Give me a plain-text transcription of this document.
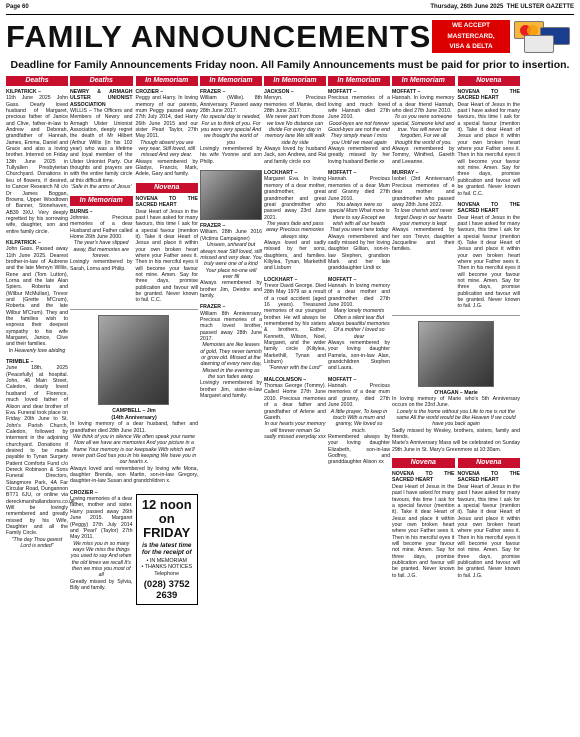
Page 60	Thursday, 26th June 2025 THE ULSTER GAZETTE
FAMILY ANNOUNCEMENTS	WE ACCEPT
MASTERCARD,
VISA & DELTA
Deadline for Family Announcements Friday noon. All Family Announcements must be paid for prior to insertion.
Deaths
KILPATRICK –
11th June 2025 John Gass. Dearly loved husband of Margaret, precious father of Janice and Clive, father-in-law to Andrew and Deborah, grandfather of Hannah, James, Emma, Daniel and Grace and also a loving brother. Interred on Friday 13th June 2025 in Tullyallen Presbyterian Churchyard. Donations in lieu of flowers, if desired, to Cancer Research NI c/o Dr James Boggan, Browns, Upper Woodtown of Banner, Stonehaven, AB39 3XU. Very deeply regretted by his sorrowing wife, daughter, son and entire family circle.
KILPATRICK –
John Gass. Passed away 11th June 2025. Dearest brother-in-law of Aubrene and the late Mervyn Willis, Rene and (Tom Lutton), Lorna and the late Alan Spiers. Roberta and (Wilbur McMullan), Trevor and (Grette M'Crum), Roberta and the late Wilbur M'Crum). They and the families wish to express their deepest sympathy to his wife Margaret, Janice, Clive and their families.
In Heavenly love abiding
TRIMBLE –
June 18th, 2025 (Peacefully) at hospital. John, 46 Main Street, Caledon, dearly loved husband of Florence, much loved father of Alison and dear brother of Eva. Funeral took place on Friday 20th June to St. John's Parish Church, Caledon, followed by interment in the adjoining churchyard. Donations if desired to be made payable to Tynan Surgery Patient Comforts Fund c/o Dereck Robinson & Sons Funeral Directors, Stangmore Park, 4A Far Circular Road, Dungannon BT71 6JU, or online via dereckmarshallandsons.co.uk. Will be lovingly remembered and greatly missed by his Wife, Daughter and all the Family Circle.
"The day Thou gavest Lord is ended"
Deaths
NEWRY & ARMAGH ULSTER UNIONIST ASSOCIATION
WILLIS – The Officers and Members of Newry and Armagh Ulster Unionist Association, deeply regret the death of Mr Hilbert (Arthur Willis (in his 102 year) who was a lifetime and loyal member of the Ulster Unionist Party. Our thoughts and prayers are with the entire family circle at this difficult time.
'Safe in the arms of Jesus'
In Memoriam
BURNS –
Johnnie. Precious memories of a dear Husband and Father called Home 26th June 2000.
The year's have slipped away, But memories are forever.
Lovingly remembered by Sarah, Lorna and Philip.
In Memoriam
CROZIER –
Peggy and Harry. In loving memory of our parents, mum Peggy passed away 27th July 2014, dad Harry 26th June 2015 and our sister Pearl Taylor, 27th May 2011.
Though absent you are very near, Still loved, still missed And very dear.
Always remembered by Gladys, Francis, Mark, Adele, Gary and family.
Novena
NOVENA TO THE SACRED HEART
Dear Heart of Jesus in the past I have asked for many favours, this time I ask for a special favour (mention it). Take it dear Heart of Jesus and place it within your own broken heart where your Father sees it. Then in his merciful eyes it will become your favour not mine. Amen. Say for three days, promise publication and favour will be granted. Never known to fail. C.C.
CAMPBELL – Jim
(14th Anniversary)
In loving memory of a dear husband, father and grandfather died 28th June 2011.
We think of you in silence We often speak your name Now all we have are memories And your picture in a frame Your memory is our keepsake With which we'll never part God has you in his keeping We have you in our hearts x.
Always loved and remembered by loving wife Mona, daughter Brenda, son Martin, son-in-law Gregory, daughter-in-law Susan and grandchildren x.
CROZIER –
Loving memories of a dear father, mother and sister. Harry passed away 26th June 2015. Margaret (Peggy) 27th July 2014 and 'Pearl' (Taylor) 27th May 2011.
We miss you in so many ways We miss the things you used to say And when the old times we recall It's then we miss you most of all
Greatly missed by Sylvia, Billy and family.
12 noon on
FRIDAY
is the latest time for the receipt of
• IN MEMORIAM
• THANKS NOTICES
Telephone
(028) 3752 2639
In Memoriam
FRAZER –
William (Willie). 8th Anniversary. Passed away 28th June 2017.
No special day is needed, For us to think of you. For you were very special And we thought the world of you
Lovingly remembered by his wife Yvonne and son Philip.
FRAZER –
William. 28th June 2016 (Victims Campaigner)
Unseen, unheard but always near Still loved, still missed and very dear. You truly were one of a kind Your place no-one will ever fill
Always remembered by brother Jim, Deirdre and family.
FRAZER –
William 8th Anniversary. Precious memories of a much loved brother, passed away 28th June 2017.
Memories are like leaves of gold, They never tarnish or grow old. Missed at the dawning of every new day, Missed in the evening as the sun fades away.
Lovingly remembered by brother Jim, sister-in-law Margaret and family.
In Memoriam
JACKSON –
Mervyn. Precious memories of Mamie, died 28th June 2017.
We never part from those we love No distance can divide For every day in memory lane We still walk side by side
Always loved by husband Jack, son Andrew, and Rai and family circle xxx
LOCKHART –
Margaret Eva. In loving memory of a dear mother, grandmother, great grandmother and great great grandmother who passed away 23rd June 2021.
The years fade and pass away Precious memories always stay.
Always loved and sadly missed by her sons, daughters, and families. Kiliylea, Tynan, Markethill and Lisburn
LOCKHART –
Trevor David George. Died 28th May 1979 as a result of a road accident (aged 16 years). Treasured memories of our youngest brother. He will always be remembered by his sisters & brothers. Esther, Kenneth, Wilson, Noel, Margaret, and the wider family circle (Kiliylea, Markethill, Tynan and Lisburn)
"Forever with the Lord"
MALCOLMSON –
Thomas George (Tommy). Called Home 27th June 2010. Precious memories of a dear father and grandfather of Arlene and Gareth.
In our hearts your memory will forever remain So sadly missed everyday xxx
In Memoriam
MOFFATT –
Precious memories of a loving and much loved wife Hannah died 27th June 2010.
Good-byes are not forever Good-byes are not the end They simply mean I miss you Until we meet again
Always remembered and greatly missed by her loving husband Bertie xx
MOFFATT –
Hannah. Precious memories of a dear Mum and Granny died 27th June 2010.
You always were so special Mum What more is there to say Except we wish with all our hearts That you were here today
Always remembered and sadly missed by her loving daughter Gillian, son-in-law Stephen, grandson Mark and her late granddaughter Lindi xx
MOFFATT –
Hannah. In loving memory of a dear mother and grandmother died 27th June 2010.
Many lonely moments Often a silent tear But always beautiful memories Of a mother I loved so dear
Always remembered by your loving daughter Pamela, son-in-law Alan, grandchildren Stephen and Laura.
MOFFATT –
Hannah. Precious memories of a dear mum and granny, died 27th June 2010.
A little prayer, To keep in touch With a mum and granny, We loved so much.
Remembered always by your loving daughter Elizabeth, son-in-law Godfrey, and granddaughter Alison xx
In Memoriam
MOFFATT –
Hannah. In loving memory of a dear friend Hannah, who died 27th June 2010.
To us you were someone special, Someone kind and true. You will never be forgotten, For we all thought the world of you.
Always remembered by Tommy, Winifred, Gareth and Leeanne.
MURRAY –
Isobel (3rd Anniversary) Precious memories of a dear mother and grandmother who passed away 28th June 2022.
To love cherish and never forget Deep in our hearts your memory is kept
Always remembered by her son Trevor, daughter Jacqueline and their families.
Novena
NOVENA TO THE SACRED HEART
Dear Heart of Jesus in the past I have asked for many favours, this time I ask for a special favour (mention it). Take it dear Heart of Jesus and place it within your own broken heart where your Father sees it. Then in his merciful eyes it will become your favour not mine. Amen. Say for three days, promise publication and favour will be granted. Never known to fail. C.C.
NOVENA TO THE SACRED HEART
Dear Heart of Jesus in the past I have asked for many favours, this time I ask for a special favour (mention it). Take it dear Heart of Jesus and place it within your own broken heart where your Father sees it. Then in his merciful eyes it will become your favour not mine. Amen. Say for three days, promise publication and favour will be granted. Never known to fail. J.G.
O'HAGAN – Marie
In loving memory of Marie who's 5th Anniversary occurs on the 23rd June.
Lonely is the home without you Life to me is not the same All the world would be like Heaven If we could have you back again
Sadly missed by Wesley, brothers, sisters, family and friends.
Marie's Anniversary Mass will be celebrated on Sunday 29th June in St. Mary's Greenmore at 10:30am.
Novena
NOVENA TO THE SACRED HEART
Dear Heart of Jesus in the past I have asked for many favours, this time I ask for a special favour (mention it). Take it dear Heart of Jesus and place it within your own broken heart where your Father sees it. Then in his merciful eyes it will become your favour not mine. Amen. Say for three days, promise publication and favour will be granted. Never known to fail. J.G.
Novena
NOVENA TO THE SACRED HEART
Dear Heart of Jesus in the past I have asked for many favours, this time I ask for a special favour (mention it). Take it dear Heart of Jesus and place it within your own broken heart where your Father sees it. Then in his merciful eyes it will become your favour not mine. Amen. Say for three days, promise publication and favour will be granted. Never known to fail. J.G.
